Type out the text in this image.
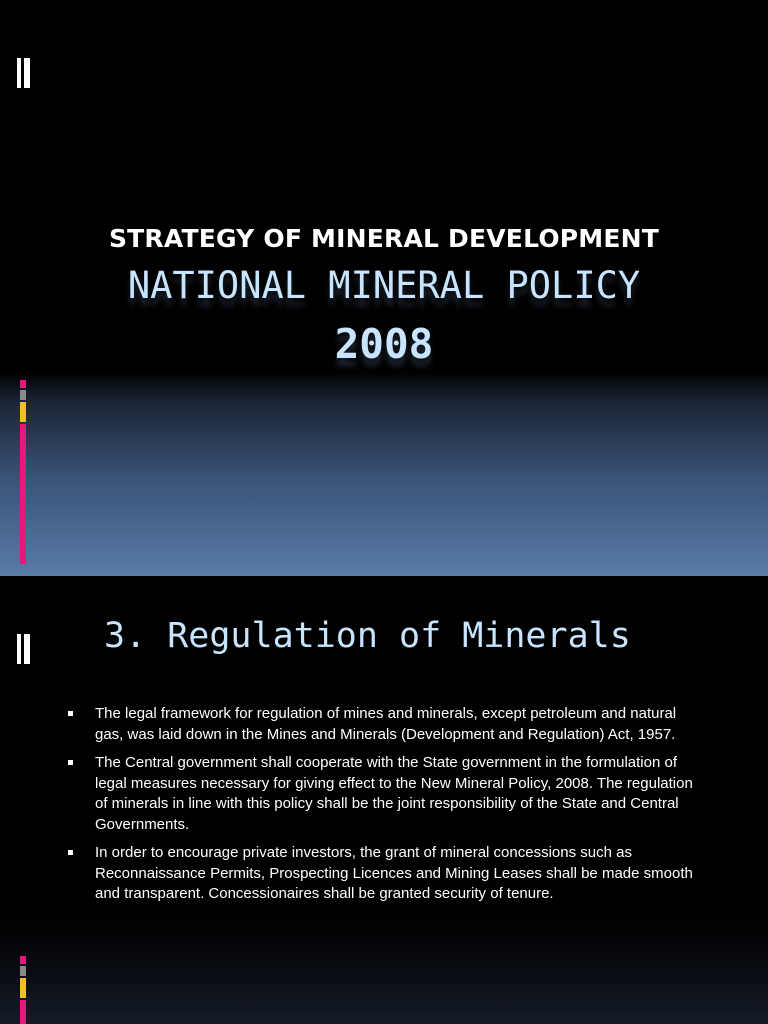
STRATEGY OF MINERAL DEVELOPMENT
NATIONAL MINERAL POLICY
2008
3. Regulation of Minerals
The legal framework for regulation of mines and minerals, except petroleum and natural gas, was laid down in the Mines and Minerals (Development and Regulation) Act, 1957.
The Central government shall cooperate with the State government in the formulation of legal measures necessary for giving effect to the New Mineral Policy, 2008. The regulation of minerals in line with this policy shall be the joint responsibility of the State and Central Governments.
In order to encourage private investors, the grant of mineral concessions such as Reconnaissance Permits, Prospecting Licences and Mining Leases shall be made smooth and transparent. Concessionaires shall be granted security of tenure.
